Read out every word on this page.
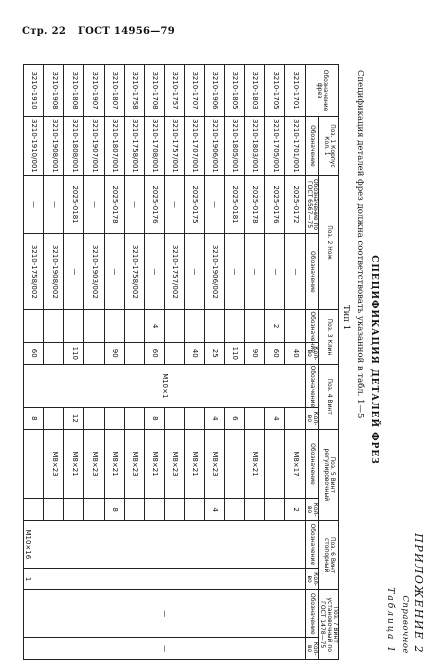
Стр. 22 ГОСТ 14956—79
ПРИЛОЖЕНИЕ 2
Справочное
Таблица 1
СПЕЦИФИКАЦИЯ ДЕТАЛЕЙ ФРЕЗ
Спецификация деталей фрез должна соответствовать указанной в табл. 1—5
Тип 1
Обозначение фрез	Поз. 1 Корпус Кол. 1	Поз. 2 Нож		Поз. 3 Клин		Поз. 4 Винт		Поз. 5 Винт регулировочный		Поз. 6 Винт стопорный		Поз. 7 Винт установочный по ГОСТ 1478—75	
	Обозначение	Обозначение по ГОСТ 6567—75	Обозначение	Обозначение	Кол-во	Обозначение	Кол-во	Обозначение	Кол-во	Обозначение	Кол-во	Обозначение	Кол-во
3210-1701	3210-1701/001	2025-0172	—		40	М10×1		М8×17	2	М10×16	1	—	—
3210-1705	3210-1705/001	2025-0176	—	2	60		4						
3210-1803	3210-1803/001	2025-0178	—		90			М8×21					
3210-1805	3210-1805/001	2025-0181	—		110		6						
3210-1906	3210-1906/001	—	3210-1906/002		25		4	М8×23	4				
3210-1707	3210-1707/001	2025-0175	—		40			М8×21					
3210-1757	3210-1757/001	—	3210-1757/002					М8×23					
3210-1708	3210-1708/001	2025-0176	—	4	60		8	М8×21					
3210-1758	3210-1758/001	—	3210-1758/002					М8×23					
3210-1807	3210-1807/001	2025-0178	—		90			М8×21	8				
3210-1907	3210-1907/001	—	3210-1903/002					М8×23					
3210-1808	3210-1808/001	2025-0181	—		110		12	М8×21					
3210-1908	3210-1908/001	—	3210-1908/002					М8×23					
3210-1910	3210-1910/001	—	3210-1758/002		60		8						
